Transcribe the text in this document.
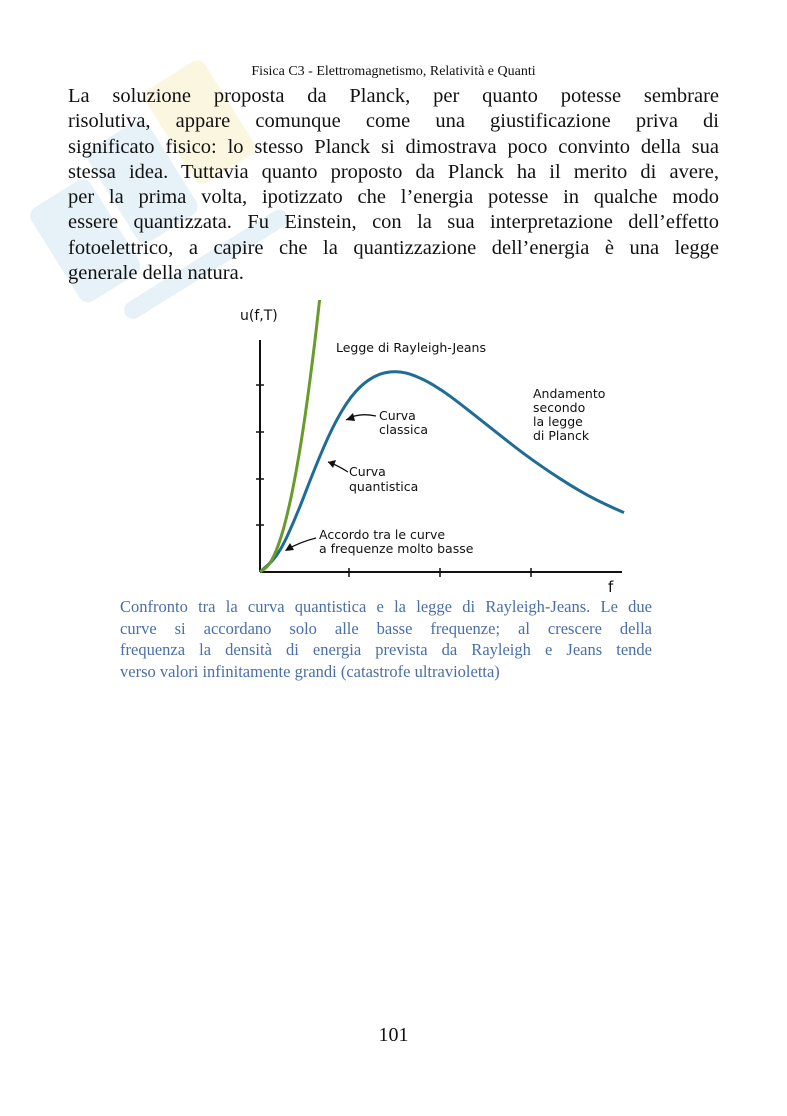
Fisica C3 - Elettromagnetismo, Relatività e Quanti
La soluzione proposta da Planck, per quanto potesse sembrare
risolutiva, appare comunque come una giustificazione priva di
significato fisico: lo stesso Planck si dimostrava poco convinto della sua
stessa idea. Tuttavia quanto proposto da Planck ha il merito di avere,
per la prima volta, ipotizzato che l’energia potesse in qualche modo
essere quantizzata. Fu Einstein, con la sua interpretazione dell’effetto
fotoelettrico, a capire che la quantizzazione dell’energia è una legge
generale della natura.
u(f,T)
f
Legge di Rayleigh-Jeans
Curva
classica
Curva
quantistica
Andamento
secondo
la legge
di Planck
Accordo tra le curve
a frequenze molto basse
Confronto tra la curva quantistica e la legge di Rayleigh-Jeans. Le due
curve si accordano solo alle basse frequenze; al crescere della
frequenza la densità di energia prevista da Rayleigh e Jeans tende
verso valori infinitamente grandi (catastrofe ultravioletta)
101
